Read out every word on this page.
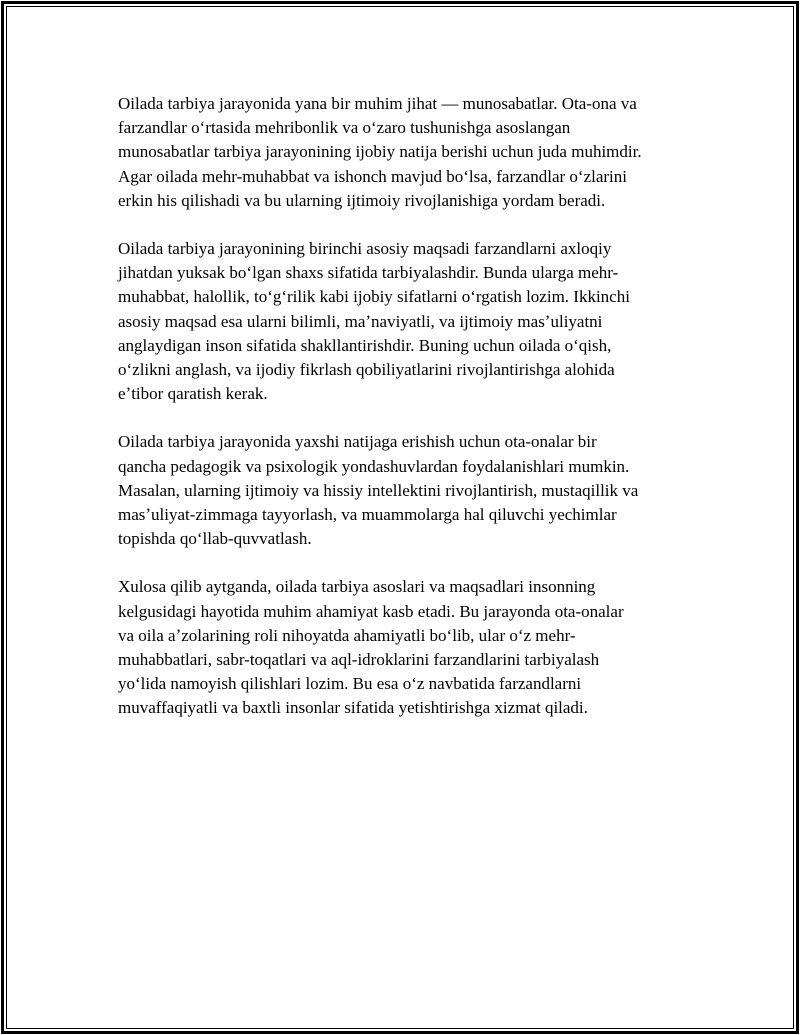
Oilada tarbiya jarayonida yana bir muhim jihat — munosabatlar. Ota-ona va
farzandlar oʻrtasida mehribonlik va oʻzaro tushunishga asoslangan
munosabatlar tarbiya jarayonining ijobiy natija berishi uchun juda muhimdir.
Agar oilada mehr-muhabbat va ishonch mavjud boʻlsa, farzandlar oʻzlarini
erkin his qilishadi va bu ularning ijtimoiy rivojlanishiga yordam beradi.

Oilada tarbiya jarayonining birinchi asosiy maqsadi farzandlarni axloqiy
jihatdan yuksak boʻlgan shaxs sifatida tarbiyalashdir. Bunda ularga mehr-
muhabbat, halollik, toʻgʻrilik kabi ijobiy sifatlarni oʻrgatish lozim. Ikkinchi
asosiy maqsad esa ularni bilimli, maʼnaviyatli, va ijtimoiy masʼuliyatni
anglaydigan inson sifatida shakllantirishdir. Buning uchun oilada oʻqish,
oʻzlikni anglash, va ijodiy fikrlash qobiliyatlarini rivojlantirishga alohida
eʼtibor qaratish kerak.

Oilada tarbiya jarayonida yaxshi natijaga erishish uchun ota-onalar bir
qancha pedagogik va psixologik yondashuvlardan foydalanishlari mumkin.
Masalan, ularning ijtimoiy va hissiy intellektini rivojlantirish, mustaqillik va
masʼuliyat-zimmaga tayyorlash, va muammolarga hal qiluvchi yechimlar
topishda qoʻllab-quvvatlash.

Xulosa qilib aytganda, oilada tarbiya asoslari va maqsadlari insonning
kelgusidagi hayotida muhim ahamiyat kasb etadi. Bu jarayonda ota-onalar
va oila aʼzolarining roli nihoyatda ahamiyatli boʻlib, ular oʻz mehr-
muhabbatlari, sabr-toqatlari va aql-idroklarini farzandlarini tarbiyalash
yoʻlida namoyish qilishlari lozim. Bu esa oʻz navbatida farzandlarni
muvaffaqiyatli va baxtli insonlar sifatida yetishtirishga xizmat qiladi.
